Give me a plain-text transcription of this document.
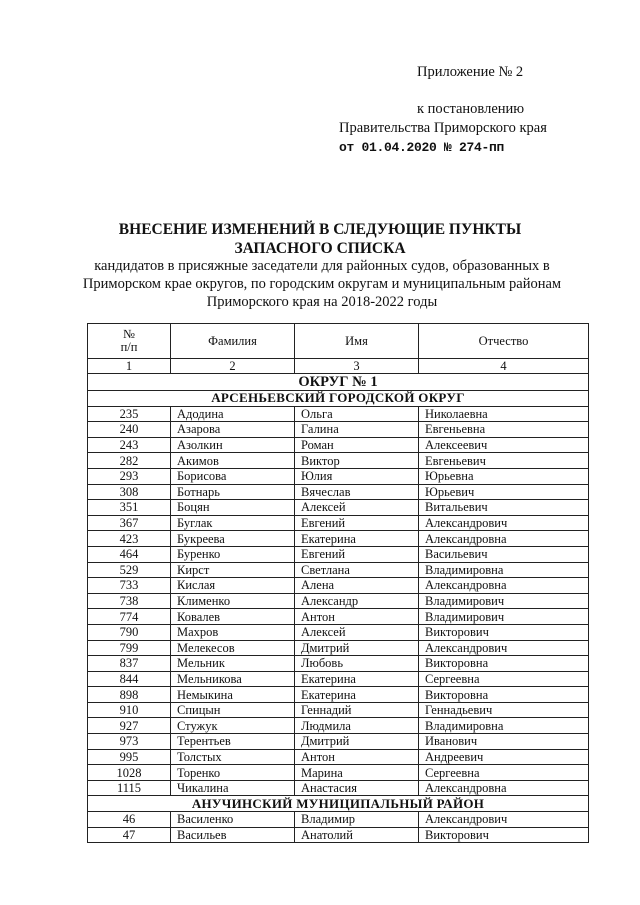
Приложение № 2
к постановлению
Правительства Приморского края
от 01.04.2020 № 274-пп
ВНЕСЕНИЕ ИЗМЕНЕНИЙ В СЛЕДУЮЩИЕ ПУНКТЫ
ЗАПАСНОГО СПИСКА
кандидатов в присяжные заседатели для районных судов, образованных в Приморском крае округов, по городским округам и муниципальным районам Приморского края на 2018-2022 годы
№
п/п	Фамилия	Имя	Отчество
1	2	3	4
ОКРУГ № 1			
АРСЕНЬЕВСКИЙ ГОРОДСКОЙ ОКРУГ			
235	Адодина	Ольга	Николаевна
240	Азарова	Галина	Евгеньевна
243	Азолкин	Роман	Алексеевич
282	Акимов	Виктор	Евгеньевич
293	Борисова	Юлия	Юрьевна
308	Ботнарь	Вячеслав	Юрьевич
351	Боцян	Алексей	Витальевич
367	Буглак	Евгений	Александрович
423	Букреева	Екатерина	Александровна
464	Буренко	Евгений	Васильевич
529	Кирст	Светлана	Владимировна
733	Кислая	Алена	Александровна
738	Клименко	Александр	Владимирович
774	Ковалев	Антон	Владимирович
790	Махров	Алексей	Викторович
799	Мелекесов	Дмитрий	Александрович
837	Мельник	Любовь	Викторовна
844	Мельникова	Екатерина	Сергеевна
898	Немыкина	Екатерина	Викторовна
910	Спицын	Геннадий	Геннадьевич
927	Стужук	Людмила	Владимировна
973	Терентьев	Дмитрий	Иванович
995	Толстых	Антон	Андреевич
1028	Торенко	Марина	Сергеевна
1115	Чикалина	Анастасия	Александровна
АНУЧИНСКИЙ МУНИЦИПАЛЬНЫЙ РАЙОН			
46	Василенко	Владимир	Александрович
47	Васильев	Анатолий	Викторович
